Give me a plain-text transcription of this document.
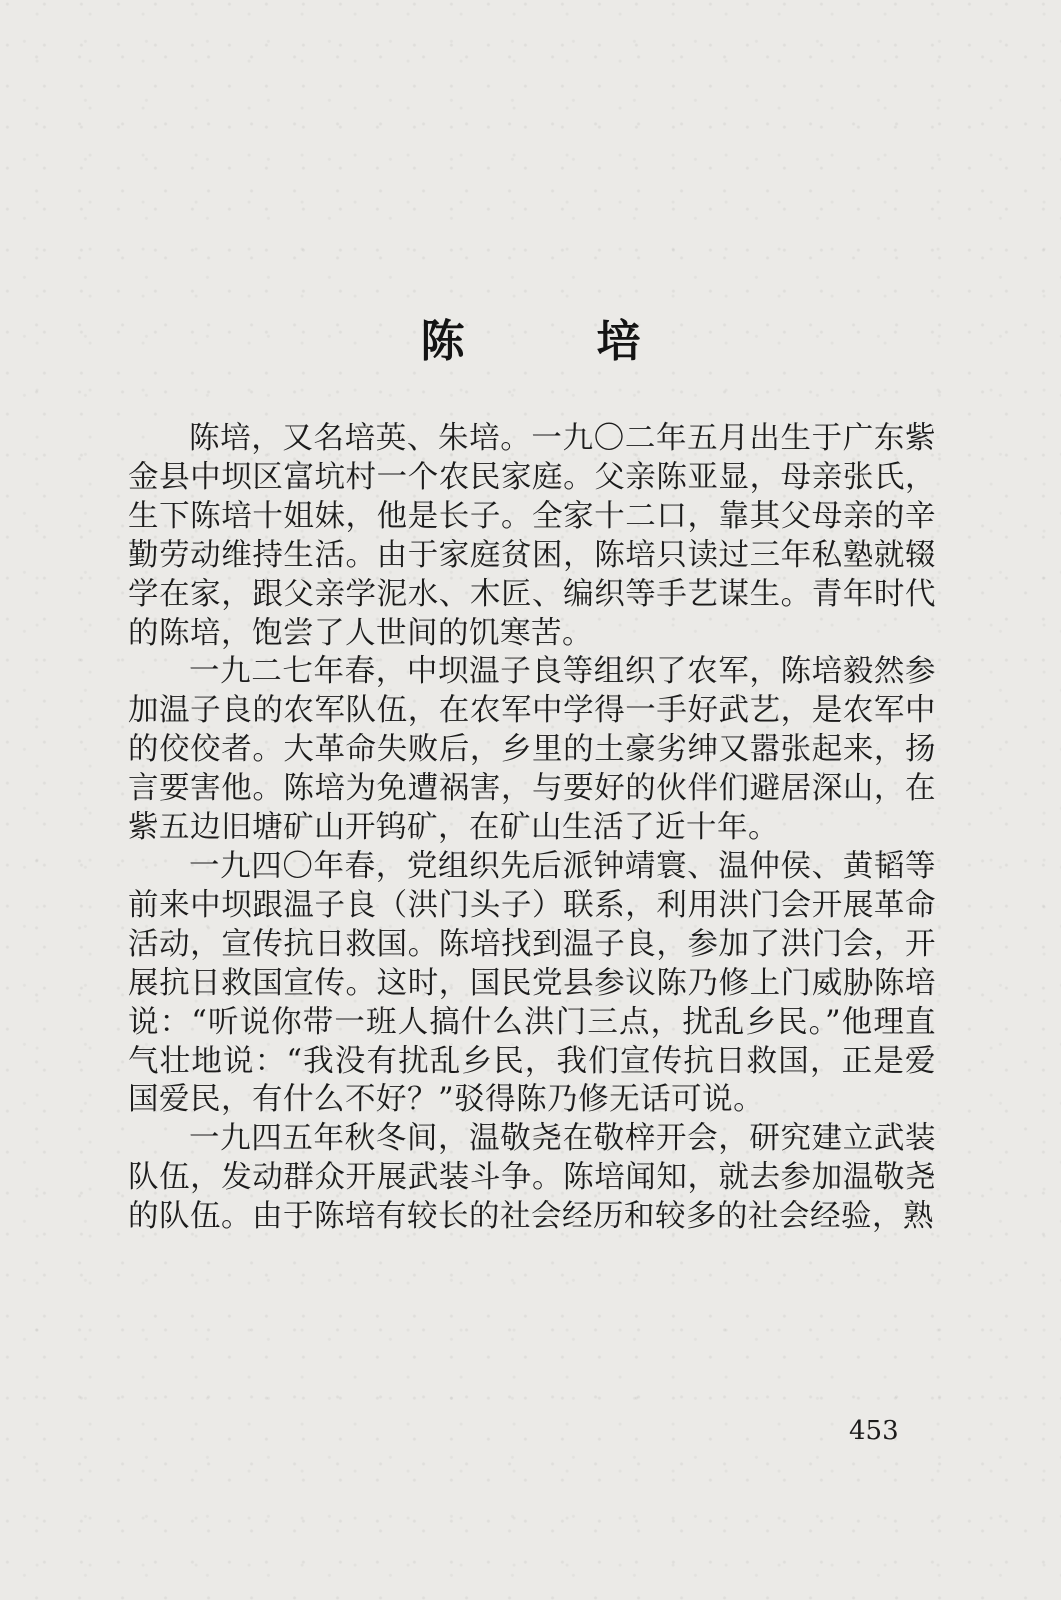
陈　培

陈培，又名培英、朱培。一九〇二年五月出生于广东紫金县中坝区富坑村一个农民家庭。父亲陈亚显，母亲张氏，生下陈培十姐妹，他是长子。全家十二口，靠其父母亲的辛勤劳动维持生活。由于家庭贫困，陈培只读过三年私塾就辍学在家，跟父亲学泥水、木匠、编织等手艺谋生。青年时代的陈培，饱尝了人世间的饥寒苦。

一九二七年春，中坝温子良等组织了农军，陈培毅然参加温子良的农军队伍，在农军中学得一手好武艺，是农军中的佼佼者。大革命失败后，乡里的土豪劣绅又嚣张起来，扬言要害他。陈培为免遭祸害，与要好的伙伴们避居深山，在紫五边旧塘矿山开钨矿，在矿山生活了近十年。

一九四〇年春，党组织先后派钟靖寰、温仲侯、黄韬等前来中坝跟温子良（洪门头子）联系，利用洪门会开展革命活动，宣传抗日救国。陈培找到温子良，参加了洪门会，开展抗日救国宣传。这时，国民党县参议陈乃修上门威胁陈培说：“听说你带一班人搞什么洪门三点，扰乱乡民。”他理直气壮地说：“我没有扰乱乡民，我们宣传抗日救国，正是爱国爱民，有什么不好？”驳得陈乃修无话可说。

一九四五年秋冬间，温敬尧在敬梓开会，研究建立武装队伍，发动群众开展武装斗争。陈培闻知，就去参加温敬尧的队伍。由于陈培有较长的社会经历和较多的社会经验，熟

453
